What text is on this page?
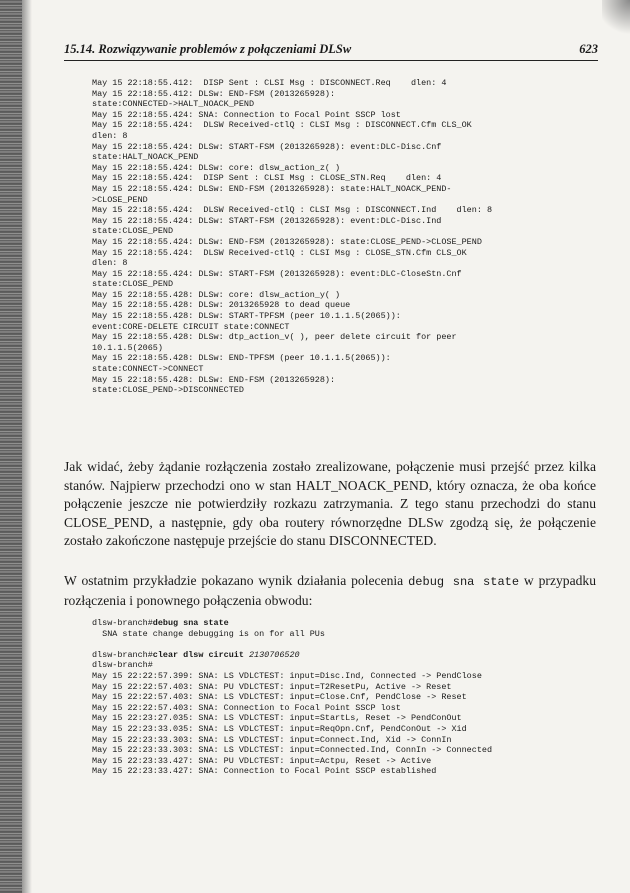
15.14. Rozwiązywanie problemów z połączeniami DLSw	623
May 15 22:18:55.412:  DISP Sent : CLSI Msg : DISCONNECT.Req    dlen: 4
May 15 22:18:55.412: DLSw: END-FSM (2013265928):
state:CONNECTED->HALT_NOACK_PEND
May 15 22:18:55.424: SNA: Connection to Focal Point SSCP lost
May 15 22:18:55.424:  DLSW Received-ctlQ : CLSI Msg : DISCONNECT.Cfm CLS_OK
dlen: 8
May 15 22:18:55.424: DLSw: START-FSM (2013265928): event:DLC-Disc.Cnf
state:HALT_NOACK_PEND
May 15 22:18:55.424: DLSw: core: dlsw_action_z( )
May 15 22:18:55.424:  DISP Sent : CLSI Msg : CLOSE_STN.Req    dlen: 4
May 15 22:18:55.424: DLSw: END-FSM (2013265928): state:HALT_NOACK_PEND-
>CLOSE_PEND
May 15 22:18:55.424:  DLSW Received-ctlQ : CLSI Msg : DISCONNECT.Ind    dlen: 8
May 15 22:18:55.424: DLSw: START-FSM (2013265928): event:DLC-Disc.Ind
state:CLOSE_PEND
May 15 22:18:55.424: DLSw: END-FSM (2013265928): state:CLOSE_PEND->CLOSE_PEND
May 15 22:18:55.424:  DLSW Received-ctlQ : CLSI Msg : CLOSE_STN.Cfm CLS_OK
dlen: 8
May 15 22:18:55.424: DLSw: START-FSM (2013265928): event:DLC-CloseStn.Cnf
state:CLOSE_PEND
May 15 22:18:55.428: DLSw: core: dlsw_action_y( )
May 15 22:18:55.428: DLSw: 2013265928 to dead queue
May 15 22:18:55.428: DLSw: START-TPFSM (peer 10.1.1.5(2065)):
event:CORE-DELETE CIRCUIT state:CONNECT
May 15 22:18:55.428: DLSw: dtp_action_v( ), peer delete circuit for peer
10.1.1.5(2065)
May 15 22:18:55.428: DLSw: END-TPFSM (peer 10.1.1.5(2065)):
state:CONNECT->CONNECT
May 15 22:18:55.428: DLSw: END-FSM (2013265928):
state:CLOSE_PEND->DISCONNECTED

Jak widać, żeby żądanie rozłączenia zostało zrealizowane, połączenie musi przejść przez kilka stanów. Najpierw przechodzi ono w stan HALT_NOACK_PEND, który oznacza, że oba końce połączenie jeszcze nie potwierdziły rozkazu zatrzymania. Z tego stanu przechodzi do stanu CLOSE_PEND, a następnie, gdy oba routery równorzędne DLSw zgodzą się, że połączenie zostało zakończone następuje przejście do stanu DISCONNECTED.

W ostatnim przykładzie pokazano wynik działania polecenia debug sna state w przypadku rozłączenia i ponownego połączenia obwodu:

dlsw-branch#debug sna state
SNA state change debugging is on for all PUs
dlsw-branch#clear dlsw circuit 2130706520
dlsw-branch#
May 15 22:22:57.399: SNA: LS VDLCTEST: input=Disc.Ind, Connected -> PendClose
May 15 22:22:57.403: SNA: PU VDLCTEST: input=T2ResetPu, Active -> Reset
May 15 22:22:57.403: SNA: LS VDLCTEST: input=Close.Cnf, PendClose -> Reset
May 15 22:22:57.403: SNA: Connection to Focal Point SSCP lost
May 15 22:23:27.035: SNA: LS VDLCTEST: input=StartLs, Reset -> PendConOut
May 15 22:23:33.035: SNA: LS VDLCTEST: input=ReqOpn.Cnf, PendConOut -> Xid
May 15 22:23:33.303: SNA: LS VDLCTEST: input=Connect.Ind, Xid -> ConnIn
May 15 22:23:33.303: SNA: LS VDLCTEST: input=Connected.Ind, ConnIn -> Connected
May 15 22:23:33.427: SNA: PU VDLCTEST: input=Actpu, Reset -> Active
May 15 22:23:33.427: SNA: Connection to Focal Point SSCP established
